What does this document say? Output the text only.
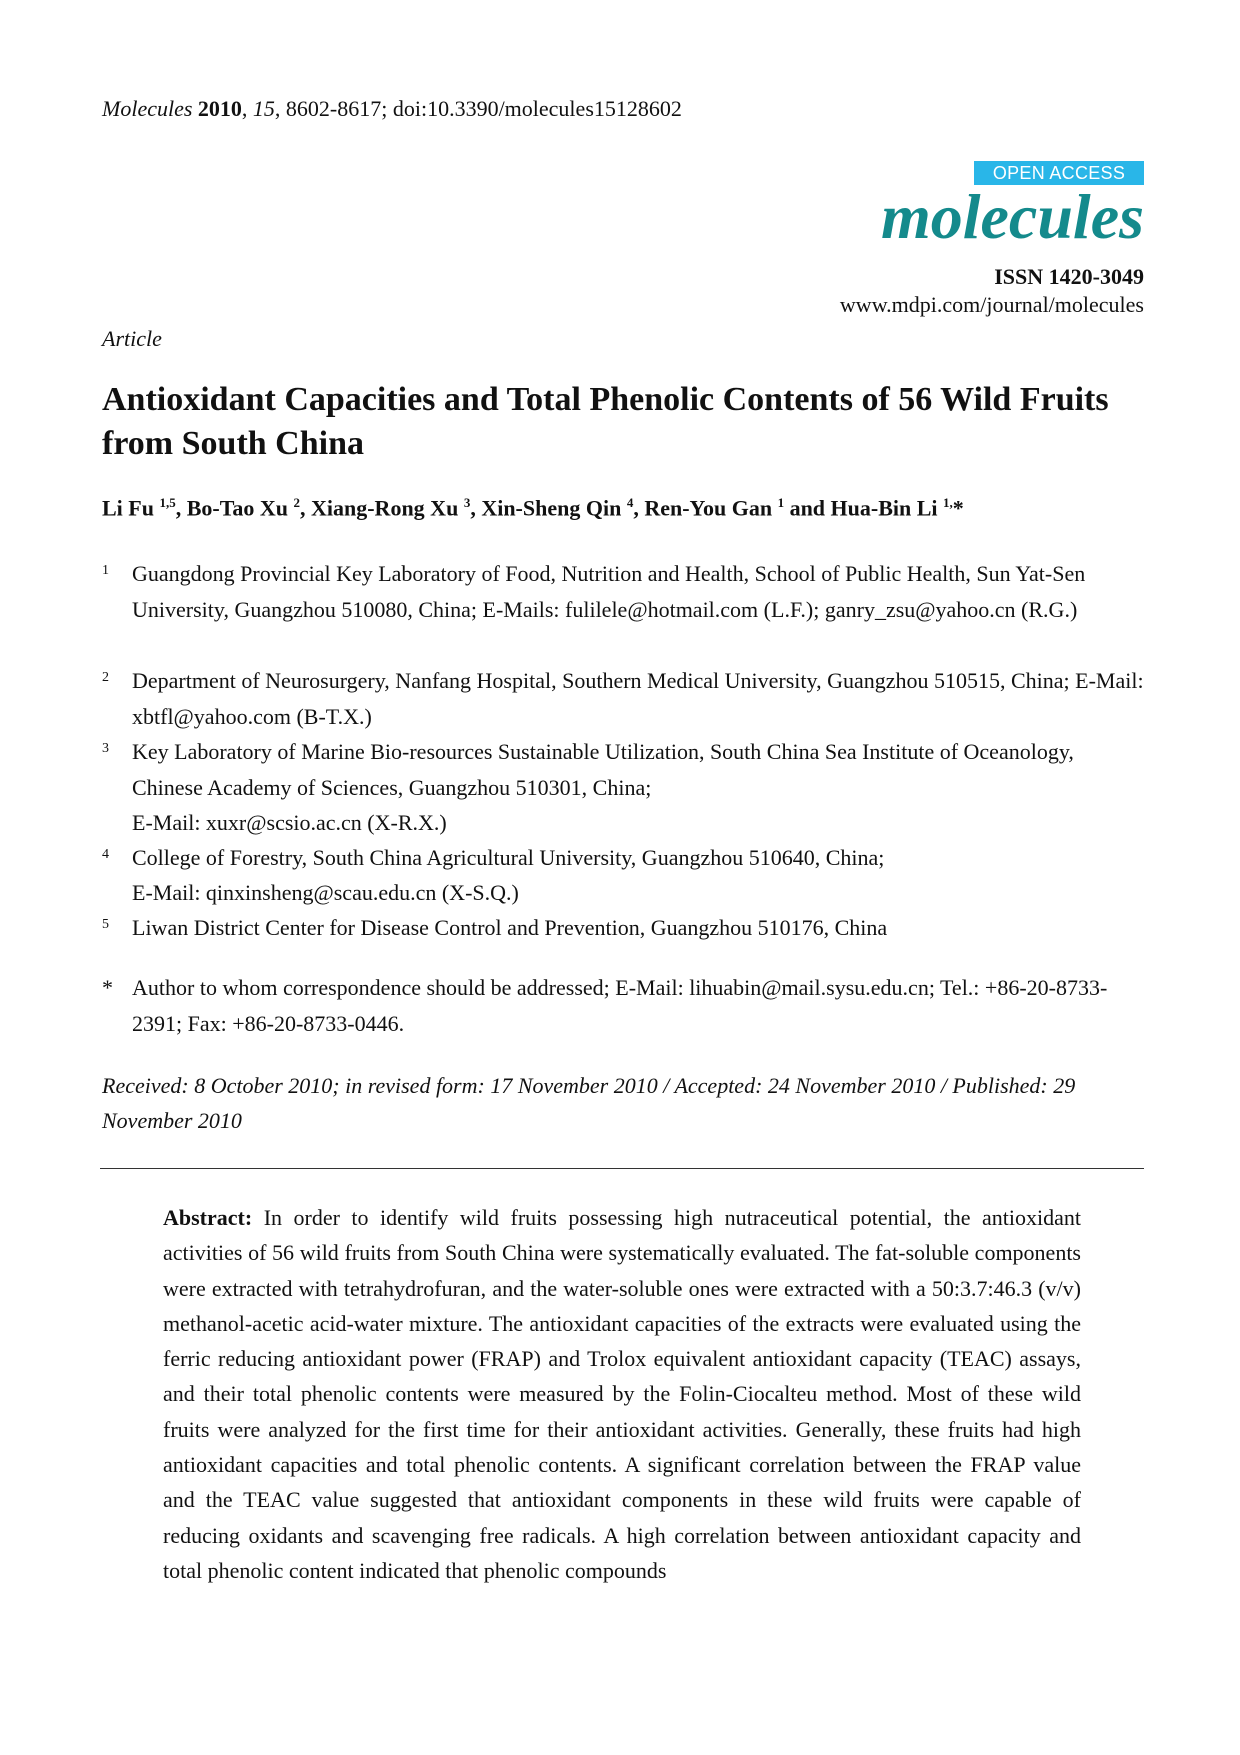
Molecules 2010, 15, 8602-8617; doi:10.3390/molecules15128602
OPEN ACCESS
molecules
ISSN 1420-3049
www.mdpi.com/journal/molecules
Article
Antioxidant Capacities and Total Phenolic Contents of 56 Wild Fruits from South China
Li Fu $^{1,5}$, Bo-Tao Xu $^2$, Xiang-Rong Xu $^3$, Xin-Sheng Qin $^4$, Ren-You Gan $^1$ and Hua-Bin Li $^{1,}$*
1 Guangdong Provincial Key Laboratory of Food, Nutrition and Health, School of Public Health, Sun Yat-Sen University, Guangzhou 510080, China; E-Mails: fulilele@hotmail.com (L.F.); ganry_zsu@yahoo.cn (R.G.)
2 Department of Neurosurgery, Nanfang Hospital, Southern Medical University, Guangzhou 510515, China; E-Mail: xbtfl@yahoo.com (B-T.X.)
3 Key Laboratory of Marine Bio-resources Sustainable Utilization, South China Sea Institute of Oceanology, Chinese Academy of Sciences, Guangzhou 510301, China;
E-Mail: xuxr@scsio.ac.cn (X-R.X.)
4 College of Forestry, South China Agricultural University, Guangzhou 510640, China;
E-Mail: qinxinsheng@scau.edu.cn (X-S.Q.)
5 Liwan District Center for Disease Control and Prevention, Guangzhou 510176, China
* Author to whom correspondence should be addressed; E-Mail: lihuabin@mail.sysu.edu.cn; Tel.: +86-20-8733-2391; Fax: +86-20-8733-0446.
Received: 8 October 2010; in revised form: 17 November 2010 / Accepted: 24 November 2010 / Published: 29 November 2010
Abstract: In order to identify wild fruits possessing high nutraceutical potential, the antioxidant activities of 56 wild fruits from South China were systematically evaluated. The fat-soluble components were extracted with tetrahydrofuran, and the water-soluble ones were extracted with a 50:3.7:46.3 (v/v) methanol-acetic acid-water mixture. The antioxidant capacities of the extracts were evaluated using the ferric reducing antioxidant power (FRAP) and Trolox equivalent antioxidant capacity (TEAC) assays, and their total phenolic contents were measured by the Folin-Ciocalteu method. Most of these wild fruits were analyzed for the first time for their antioxidant activities. Generally, these fruits had high antioxidant capacities and total phenolic contents. A significant correlation between the FRAP value and the TEAC value suggested that antioxidant components in these wild fruits were capable of reducing oxidants and scavenging free radicals. A high correlation between antioxidant capacity and total phenolic content indicated that phenolic compounds
